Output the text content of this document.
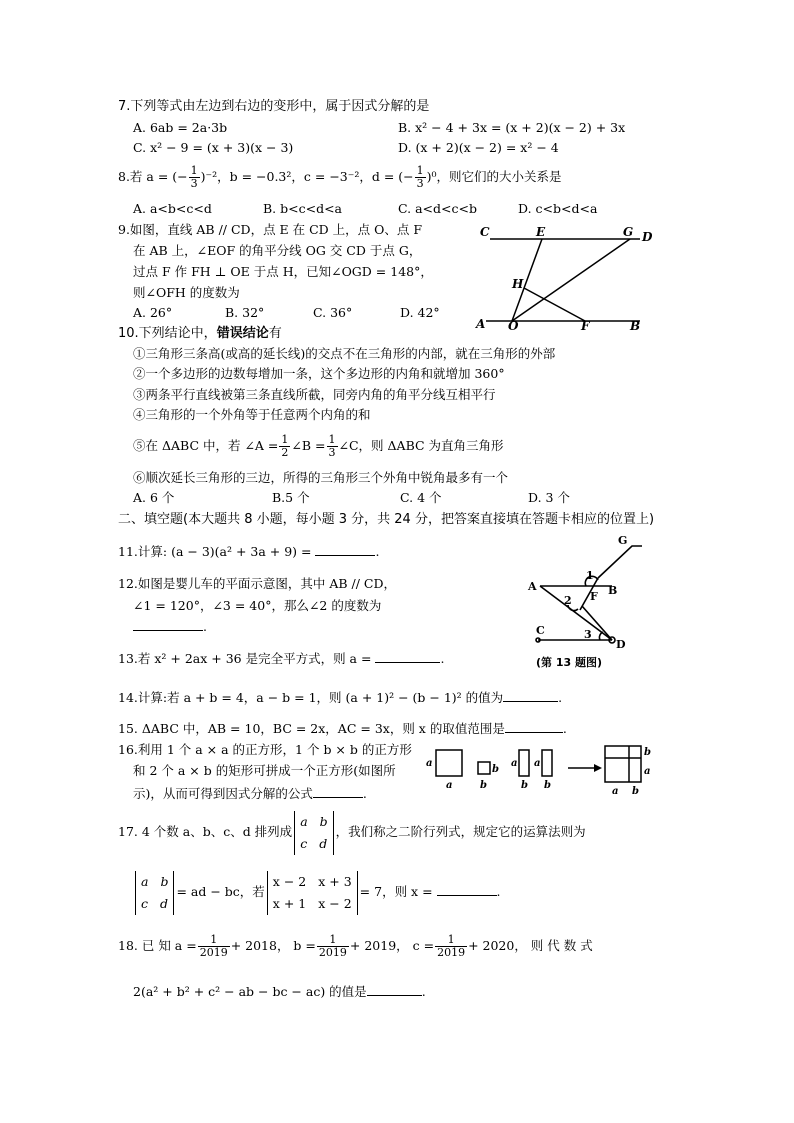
7.下列等式由左边到右边的变形中，属于因式分解的是
A. 6ab = 2a·3b	B. x² − 4 + 3x = (x + 2)(x − 2) + 3x
C. x² − 9 = (x + 3)(x − 3)	D. (x + 2)(x − 2) = x² − 4
8.若 a = (− $\frac{1}{3} )^{-2}$，b = −0.3²，c = −3⁻²，d = (− $\frac{1}{3} )^0$，则它们的大小关系是
A. a<b<c<d	B. b<c<d<a	C. a<d<c<b	D. c<b<d<a
9.如图，直线 AB // CD，点 E 在 CD 上，点 O、点 F
在 AB 上，∠EOF 的角平分线 OG 交 CD 于点 G，
过点 F 作 FH ⊥ OE 于点 H，已知∠OGD = 148°，
则∠OFH 的度数为
A. 26°	B. 32°	C. 36°	D. 42°
C	E	G D
H
A O	F	B
10.下列结论中，错误结论有
①三角形三条高(或高的延长线)的交点不在三角形的内部，就在三角形的外部
②一个多边形的边数每增加一条，这个多边形的内角和就增加 360°
③两条平行直线被第三条直线所截，同旁内角的角平分线互相平行
④三角形的一个外角等于任意两个内角的和
⑤在 ΔABC 中，若 ∠A = $\frac{1}{2}$ ∠B = $\frac{1}{3}$ ∠C，则 ΔABC 为直角三角形
⑥顺次延长三角形的三边，所得的三角形三个外角中锐角最多有一个
A. 6 个	B.5 个	C. 4 个	D. 3 个
二、填空题(本大题共 8 小题，每小题 3 分，共 24 分，把答案直接填在答题卡相应的位置上)
11.计算: (a − 3)(a² + 3a + 9) =	.
12.如图是婴儿车的平面示意图，其中 AB // CD，
∠1 = 120°，∠3 = 40°，那么∠2 的度数为
.
G
1
A	B
2 F
C	3
D
(第 13 题图)
13.若 x² + 2ax + 36 是完全平方式，则 a =	.
14.计算:若 a + b = 4，a − b = 1，则 (a + 1)² − (b − 1)² 的值为	.
15. ΔABC 中，AB = 10，BC = 2x，AC = 3x，则 x 的取值范围是	.
16.利用 1 个 a × a 的正方形，1 个 b × b 的正方形
和 2 个 a × b 的矩形可拼成一个正方形(如图所
示)，从而可得到因式分解的公式	.
a
a
b
b
a
b
a
b
b
a
a b
17. 4 个数 a、b、c、d 排列成
a b
c d
，我们称之二阶行列式，规定它的运算法则为
a b
c d
= ad − bc，若
x − 2 x + 3
x + 1 x − 2
= 7，则 x =	.
18. 已 知 $a = \frac{1}{2019} + 2018$， $b = \frac{1}{2019} + 2019$， $c = \frac{1}{2019} + 2020$， 则 代 数 式
2(a² + b² + c² − ab − bc − ac) 的值是	.
